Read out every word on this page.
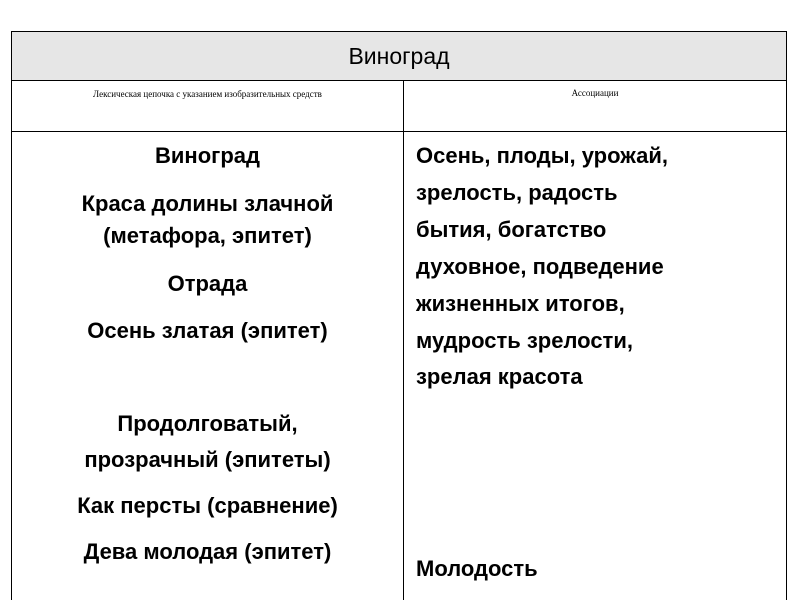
Виноград
Лексическая цепочка с указанием изобразительных средств	Ассоциации
Виноград
Краса долины злачной
(метафора, эпитет)
Отрада
Осень златая (эпитет)
Продолговатый,
прозрачный (эпитеты)
Как персты (сравнение)
Дева молодая (эпитет)
Осень, плоды, урожай,
зрелость, радость
бытия, богатство
духовное, подведение
жизненных итогов,
мудрость зрелости,
зрелая красота
Молодость
